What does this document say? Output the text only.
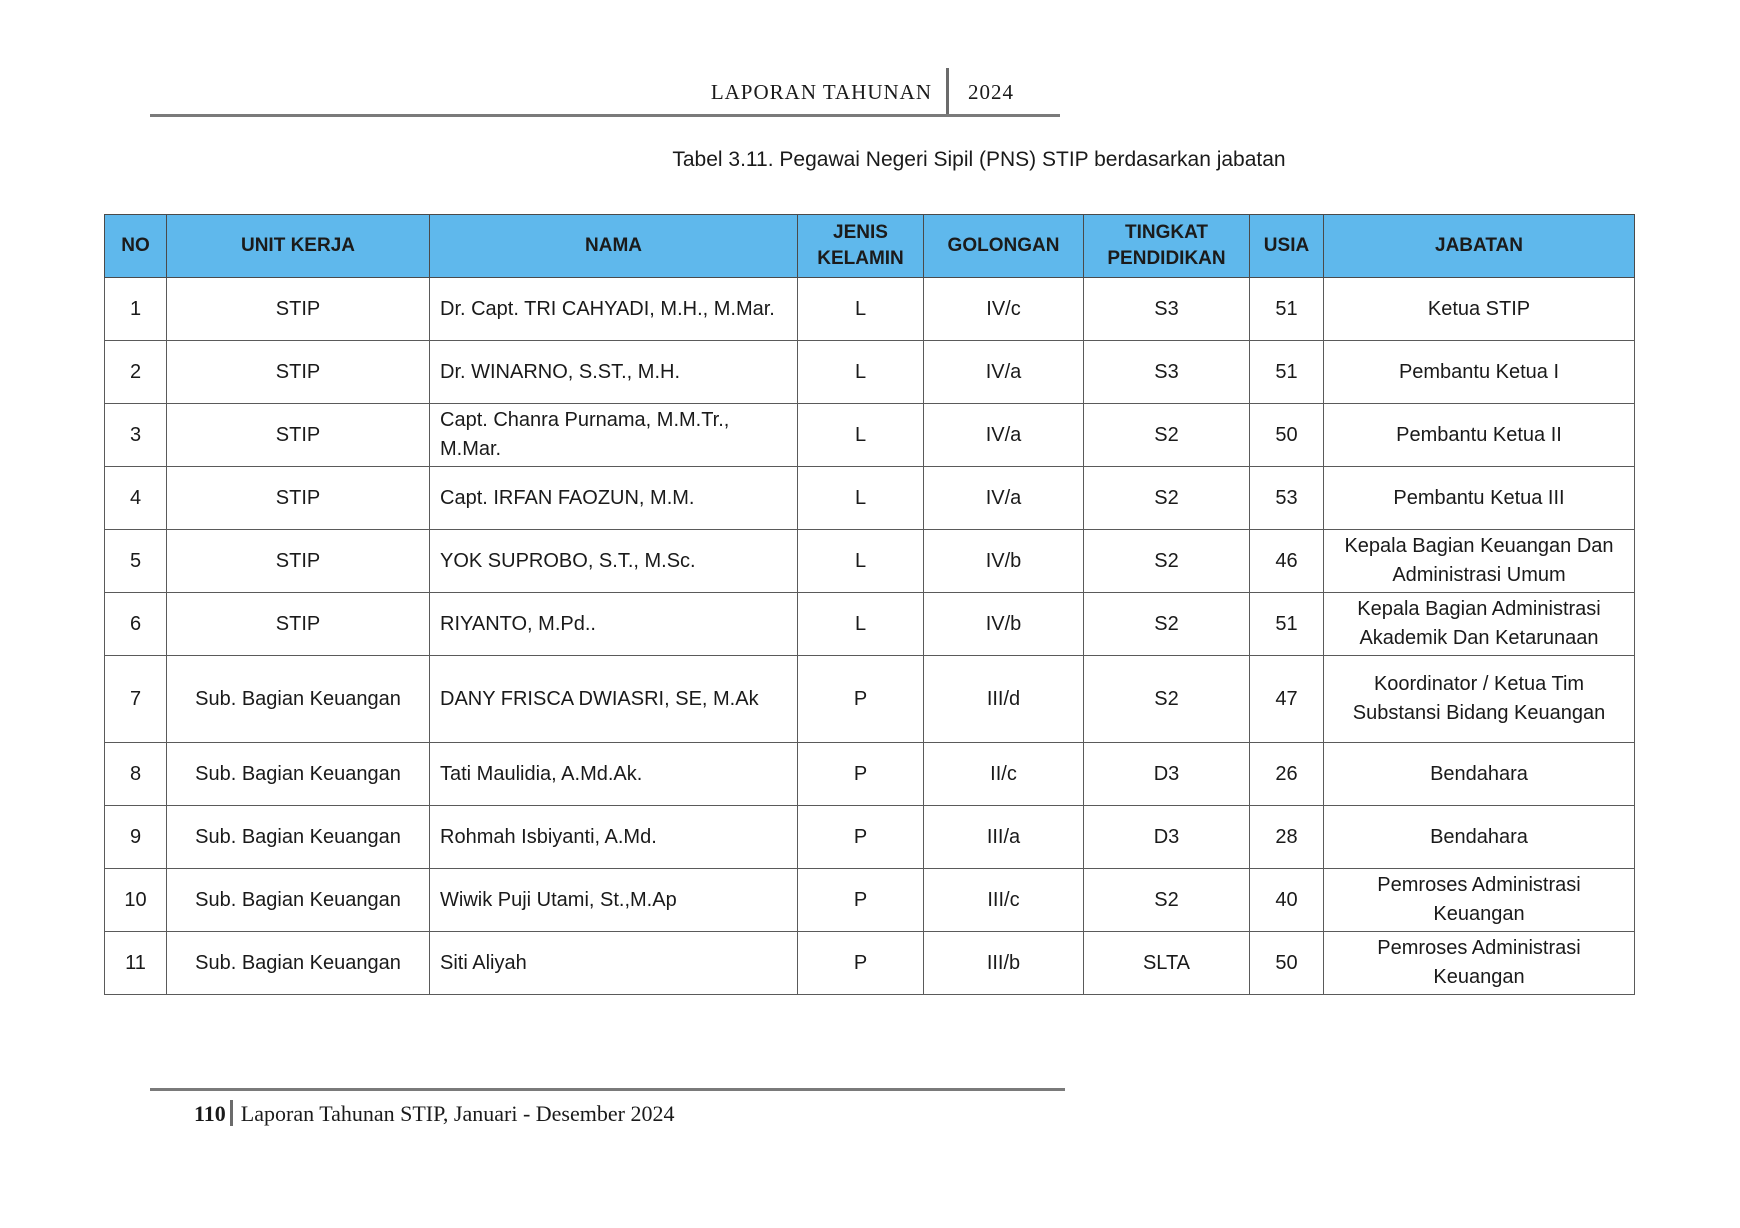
LAPORAN TAHUNAN 2024
Tabel 3.11. Pegawai Negeri Sipil (PNS) STIP berdasarkan jabatan
NO	UNIT KERJA	NAMA	JENIS KELAMIN	GOLONGAN	TINGKAT PENDIDIKAN	USIA	JABATAN
1	STIP	Dr. Capt. TRI CAHYADI, M.H., M.Mar.	L	IV/c	S3	51	Ketua STIP
2	STIP	Dr. WINARNO, S.ST., M.H.	L	IV/a	S3	51	Pembantu Ketua I
3	STIP	Capt. Chanra Purnama, M.M.Tr., M.Mar.	L	IV/a	S2	50	Pembantu Ketua II
4	STIP	Capt. IRFAN FAOZUN, M.M.	L	IV/a	S2	53	Pembantu Ketua III
5	STIP	YOK SUPROBO, S.T., M.Sc.	L	IV/b	S2	46	Kepala Bagian Keuangan Dan Administrasi Umum
6	STIP	RIYANTO, M.Pd..	L	IV/b	S2	51	Kepala Bagian Administrasi Akademik Dan Ketarunaan
7	Sub. Bagian Keuangan	DANY FRISCA DWIASRI, SE, M.Ak	P	III/d	S2	47	Koordinator / Ketua Tim Substansi Bidang Keuangan
8	Sub. Bagian Keuangan	Tati Maulidia, A.Md.Ak.	P	II/c	D3	26	Bendahara
9	Sub. Bagian Keuangan	Rohmah Isbiyanti, A.Md.	P	III/a	D3	28	Bendahara
10	Sub. Bagian Keuangan	Wiwik Puji Utami, St.,M.Ap	P	III/c	S2	40	Pemroses Administrasi Keuangan
11	Sub. Bagian Keuangan	Siti Aliyah	P	III/b	SLTA	50	Pemroses Administrasi Keuangan
110 Laporan Tahunan STIP, Januari - Desember 2024
